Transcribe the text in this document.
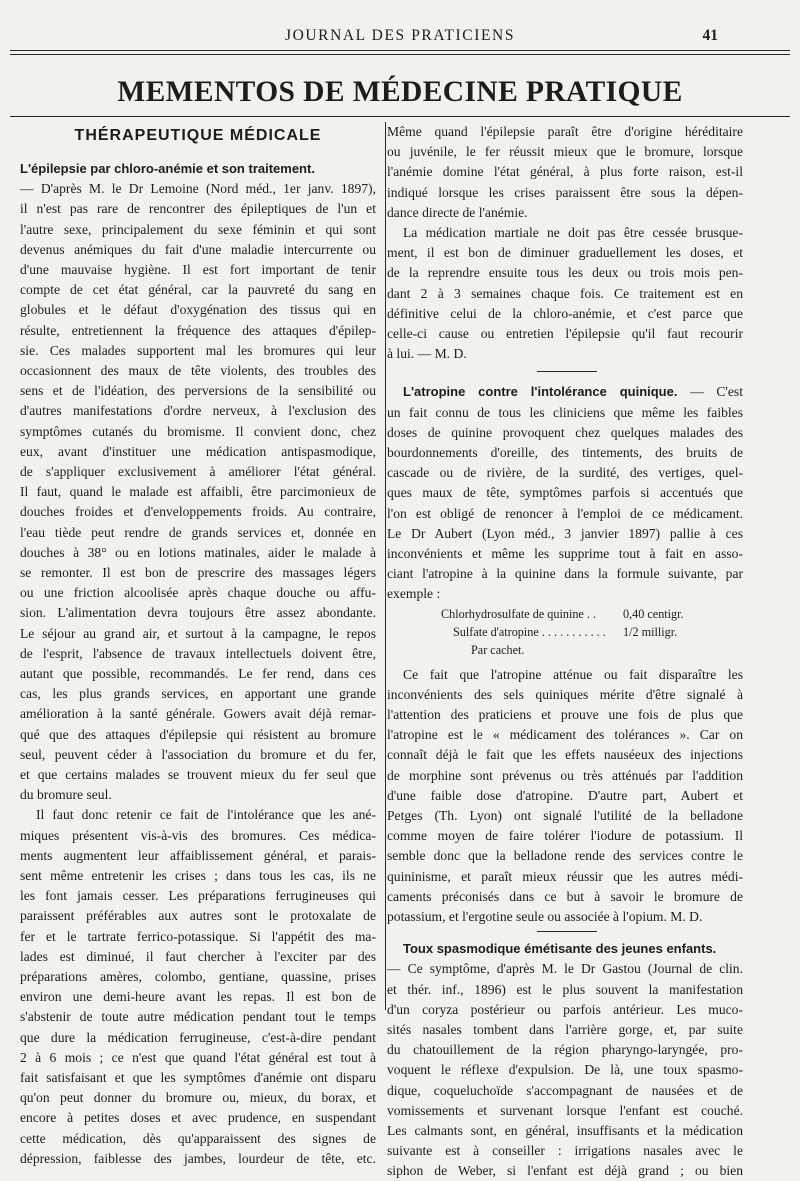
JOURNAL DES PRATICIENS	41
MEMENTOS DE MÉDECINE PRATIQUE
THÉRAPEUTIQUE MÉDICALE
L'épilepsie par chloro-anémie et son traitement.
— D'après M. le Dr Lemoine (Nord méd., 1er janv. 1897),
il n'est pas rare de rencontrer des épileptiques de l'un et
l'autre sexe, principalement du sexe féminin et qui sont
devenus anémiques du fait d'une maladie intercurrente ou
d'une mauvaise hygiène. Il est fort important de tenir
compte de cet état général, car la pauvreté du sang en
globules et le défaut d'oxygénation des tissus qui en
résulte, entretiennent la fréquence des attaques d'épilep-
sie. Ces malades supportent mal les bromures qui leur
occasionnent des maux de tête violents, des troubles des
sens et de l'idéation, des perversions de la sensibilité ou
d'autres manifestations d'ordre nerveux, à l'exclusion des
symptômes cutanés du bromisme. Il convient donc, chez
eux, avant d'instituer une médication antispasmodique,
de s'appliquer exclusivement à améliorer l'état général.
Il faut, quand le malade est affaibli, être parcimonieux de
douches froides et d'enveloppements froids. Au contraire,
l'eau tiède peut rendre de grands services et, donnée en
douches à 38° ou en lotions matinales, aider le malade à
se remonter. Il est bon de prescrire des massages légers
ou une friction alcoolisée après chaque douche ou affu-
sion. L'alimentation devra toujours être assez abondante.
Le séjour au grand air, et surtout à la campagne, le repos
de l'esprit, l'absence de travaux intellectuels doivent être,
autant que possible, recommandés. Le fer rend, dans ces
cas, les plus grands services, en apportant une grande
amélioration à la santé générale. Gowers avait déjà remar-
qué que des attaques d'épilepsie qui résistent au bromure
seul, peuvent céder à l'association du bromure et du fer,
et que certains malades se trouvent mieux du fer seul que
du bromure seul.
Il faut donc retenir ce fait de l'intolérance que les ané-
miques présentent vis-à-vis des bromures. Ces médica-
ments augmentent leur affaiblissement général, et parais-
sent même entretenir les crises ; dans tous les cas, ils ne
les font jamais cesser. Les préparations ferrugineuses qui
paraissent préférables aux autres sont le protoxalate de
fer et le tartrate ferrico-potassique. Si l'appétit des ma-
lades est diminué, il faut chercher à l'exciter par des
préparations amères, colombo, gentiane, quassine, prises
environ une demi-heure avant les repas. Il est bon de
s'abstenir de toute autre médication pendant tout le temps
que dure la médication ferrugineuse, c'est-à-dire pendant
2 à 6 mois ; ce n'est que quand l'état général est tout à
fait satisfaisant et que les symptômes d'anémie ont disparu
qu'on peut donner du bromure ou, mieux, du borax, et
encore à petites doses et avec prudence, en suspendant
cette médication, dès qu'apparaissent des signes de
dépression, faiblesse des jambes, lourdeur de tête, etc.
Même quand l'épilepsie paraît être d'origine héréditaire
ou juvénile, le fer réussit mieux que le bromure, lorsque
l'anémie domine l'état général, à plus forte raison, est-il
indiqué lorsque les crises paraissent être sous la dépen-
dance directe de l'anémie.
La médication martiale ne doit pas être cessée brusque-
ment, il est bon de diminuer graduellement les doses, et
de la reprendre ensuite tous les deux ou trois mois pen-
dant 2 à 3 semaines chaque fois. Ce traitement est en
définitive celui de la chloro-anémie, et c'est parce que
celle-ci cause ou entretien l'épilepsie qu'il faut recourir
à lui. — M. D.
L'atropine contre l'intolérance quinique. — C'est
un fait connu de tous les cliniciens que même les faibles
doses de quinine provoquent chez quelques malades des
bourdonnements d'oreille, des tintements, des bruits de
cascade ou de rivière, de la surdité, des vertiges, quel-
ques maux de tête, symptômes parfois si accentués que
l'on est obligé de renoncer à l'emploi de ce médicament.
Le Dr Aubert (Lyon méd., 3 janvier 1897) pallie à ces
inconvénients et même les supprime tout à fait en asso-
ciant l'atropine à la quinine dans la formule suivante, par
exemple :
Chlorhydrosulfate de quinine . . 0,40 centigr.
Sulfate d'atropine . . . . . . . . . . . 1/2 milligr.
Par cachet.
Ce fait que l'atropine atténue ou fait disparaître les
inconvénients des sels quiniques mérite d'être signalé à
l'attention des praticiens et prouve une fois de plus que
l'atropine est le « médicament des tolérances ». Car on
connaît déjà le fait que les effets nauséeux des injections
de morphine sont prévenus ou très atténués par l'addition
d'une faible dose d'atropine. D'autre part, Aubert et
Petges (Th. Lyon) ont signalé l'utilité de la belladone
comme moyen de faire tolérer l'iodure de potassium. Il
semble donc que la belladone rende des services contre le
quininisme, et paraît mieux réussir que les autres médi-
caments préconisés dans ce but à savoir le bromure de
potassium, et l'ergotine seule ou associée à l'opium. M. D.
Toux spasmodique émétisante des jeunes enfants.
— Ce symptôme, d'après M. le Dr Gastou (Journal de clin.
et thér. inf., 1896) est le plus souvent la manifestation
d'un coryza postérieur ou parfois antérieur. Les muco-
sités nasales tombent dans l'arrière gorge, et, par suite
du chatouillement de la région pharyngo-laryngée, pro-
voquent le réflexe d'expulsion. De là, une toux spasmo-
dique, coqueluchoïde s'accompagnant de nausées et de
vomissements et survenant lorsque l'enfant est couché.
Les calmants sont, en général, insuffisants et la médication
suivante est à conseiller : irrigations nasales avec le
siphon de Weber, si l'enfant est déjà grand ; ou bien
